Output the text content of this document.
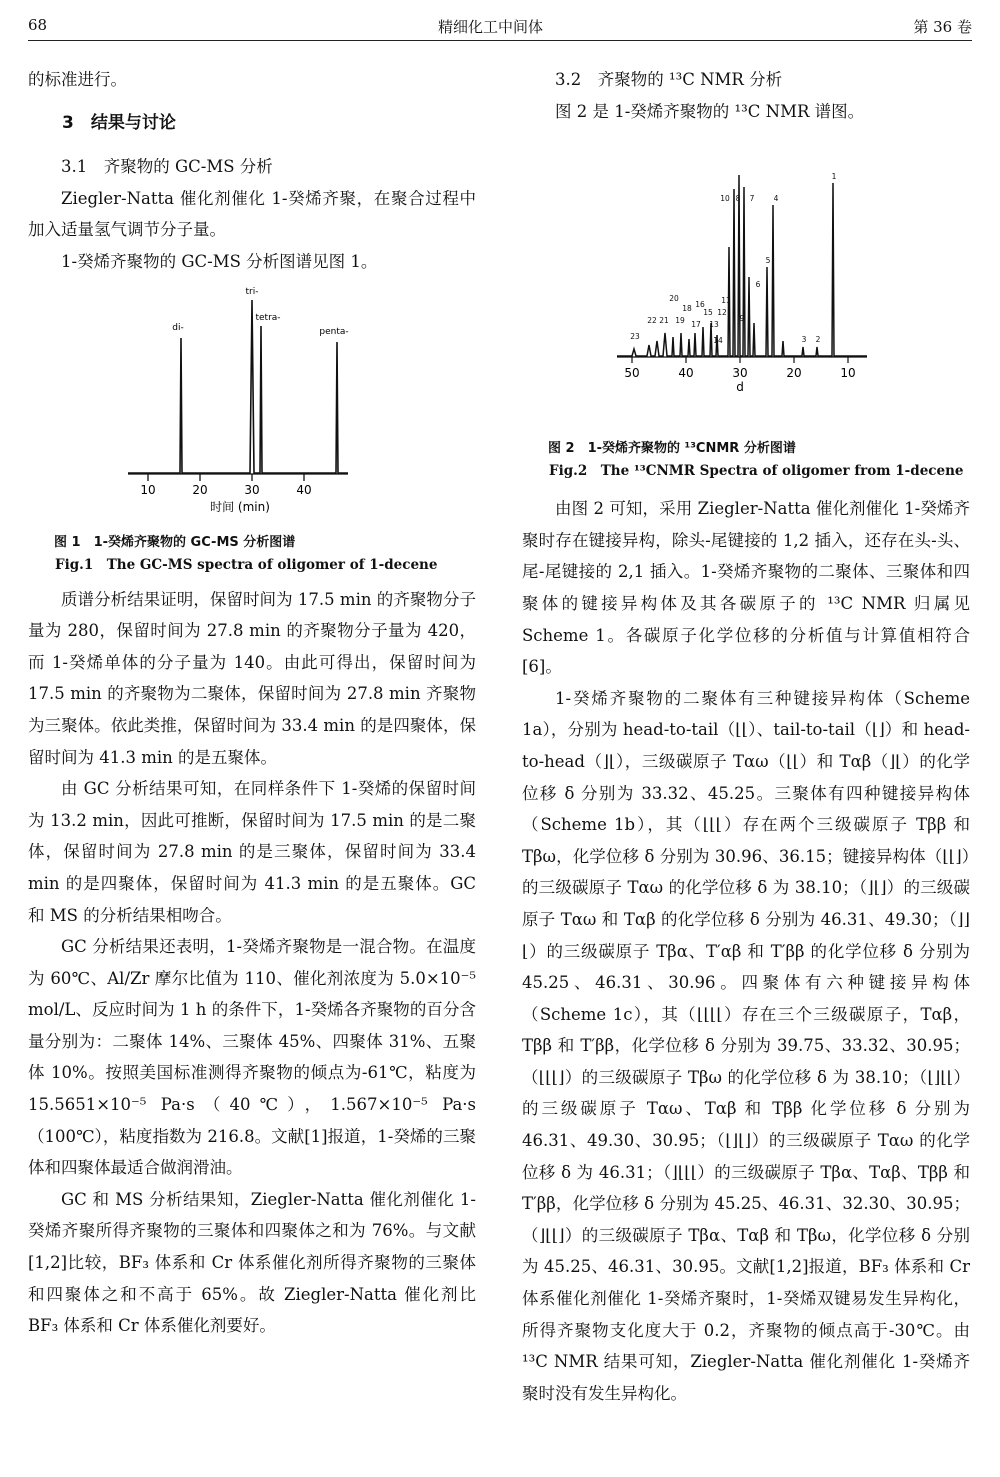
68	精细化工中间体	第 36 卷

的标准进行。

3　结果与讨论

3.1　齐聚物的 GC-MS 分析

Ziegler-Natta 催化剂催化 1-癸烯齐聚，在聚合过程中加入适量氢气调节分子量。

1-癸烯齐聚物的 GC-MS 分析图谱见图 1。

di-
tri-
tetra-
penta-
10	20	30	40
时间 (min)

图 1　1-癸烯齐聚物的 GC-MS 分析图谱

Fig.1　The GC-MS spectra of oligomer of 1-decene

质谱分析结果证明，保留时间为 17.5 min 的齐聚物分子量为 280，保留时间为 27.8 min 的齐聚物分子量为 420，而 1-癸烯单体的分子量为 140。由此可得出，保留时间为 17.5 min 的齐聚物为二聚体，保留时间为 27.8 min 齐聚物为三聚体。依此类推，保留时间为 33.4 min 的是四聚体，保留时间为 41.3 min 的是五聚体。

由 GC 分析结果可知，在同样条件下 1-癸烯的保留时间为 13.2 min，因此可推断，保留时间为 17.5 min 的是二聚体，保留时间为 27.8 min 的是三聚体，保留时间为 33.4 min 的是四聚体，保留时间为 41.3 min 的是五聚体。GC 和 MS 的分析结果相吻合。

GC 分析结果还表明，1-癸烯齐聚物是一混合物。在温度为 60℃、Al/Zr 摩尔比值为 110、催化剂浓度为 5.0×10⁻⁵ mol/L、反应时间为 1 h 的条件下，1-癸烯各齐聚物的百分含量分别为：二聚体 14%、三聚体 45%、四聚体 31%、五聚体 10%。按照美国标准测得齐聚物的倾点为-61℃，粘度为 15.5651×10⁻⁵ Pa·s（40℃），1.567×10⁻⁵ Pa·s（100℃），粘度指数为 216.8。文献[1]报道，1-癸烯的三聚体和四聚体最适合做润滑油。

GC 和 MS 分析结果知，Ziegler-Natta 催化剂催化 1-癸烯齐聚所得齐聚物的三聚体和四聚体之和为 76%。与文献[1,2]比较，BF₃ 体系和 Cr 体系催化剂所得齐聚物的三聚体和四聚体之和不高于 65%。故 Ziegler-Natta 催化剂比 BF₃ 体系和 Cr 体系催化剂要好。

3.2　齐聚物的 ¹³C NMR 分析

图 2 是 1-癸烯齐聚物的 ¹³C NMR 谱图。

1
2
3
4
5
6
7
8
9
10
11
12
13
14
15
16
17
18
19
20
21
22
23
50	40	30	20	10
d

图 2　1-癸烯齐聚物的 ¹³CNMR 分析图谱

Fig.2　The ¹³CNMR Spectra of oligomer from 1-decene

由图 2 可知，采用 Ziegler-Natta 催化剂催化 1-癸烯齐聚时存在键接异构，除头-尾键接的 1,2 插入，还存在头-头、尾-尾键接的 2,1 插入。1-癸烯齐聚物的二聚体、三聚体和四聚体的键接异构体及其各碳原子的 ¹³C NMR 归属见 Scheme 1。各碳原子化学位移的分析值与计算值相符合[6]。

1-癸烯齐聚物的二聚体有三种键接异构体（Scheme 1a），分别为 head-to-tail（⌊⌊）、tail-to-tail（⌊⌋）和 head-to-head（⌋⌊），三级碳原子 Tαω（⌊⌊）和 Tαβ（⌋⌊）的化学位移 δ 分别为 33.32、45.25。三聚体有四种键接异构体（Scheme 1b），其（⌊⌊⌊）存在两个三级碳原子 Tββ 和 Tβω，化学位移 δ 分别为 30.96、36.15；键接异构体（⌊⌊⌋）的三级碳原子 Tαω 的化学位移 δ 为 38.10；（⌋⌊⌋）的三级碳原子 Tαω 和 Tαβ 的化学位移 δ 分别为 46.31、49.30；（⌋⌋⌊）的三级碳原子 Tβα、T′αβ 和 T′ββ 的化学位移 δ 分别为 45.25、46.31、30.96。四聚体有六种键接异构体（Scheme 1c），其（⌊⌊⌊⌊）存在三个三级碳原子，Tαβ，Tββ 和 T′ββ，化学位移 δ 分别为 39.75、33.32、30.95；（⌊⌊⌊⌋）的三级碳原子 Tβω 的化学位移 δ 为 38.10；（⌊⌋⌊⌊）的三级碳原子 Tαω、Tαβ 和 Tββ 化学位移 δ 分别为 46.31、49.30、30.95；（⌊⌋⌊⌋）的三级碳原子 Tαω 的化学位移 δ 为 46.31；（⌋⌊⌊⌊）的三级碳原子 Tβα、Tαβ、Tββ 和 T′ββ，化学位移 δ 分别为 45.25、46.31、32.30、30.95；（⌋⌊⌊⌋）的三级碳原子 Tβα、Tαβ 和 Tβω，化学位移 δ 分别为 45.25、46.31、30.95。文献[1,2]报道，BF₃ 体系和 Cr 体系催化剂催化 1-癸烯齐聚时，1-癸烯双键易发生异构化，所得齐聚物支化度大于 0.2，齐聚物的倾点高于-30℃。由 ¹³C NMR 结果可知，Ziegler-Natta 催化剂催化 1-癸烯齐聚时没有发生异构化。
